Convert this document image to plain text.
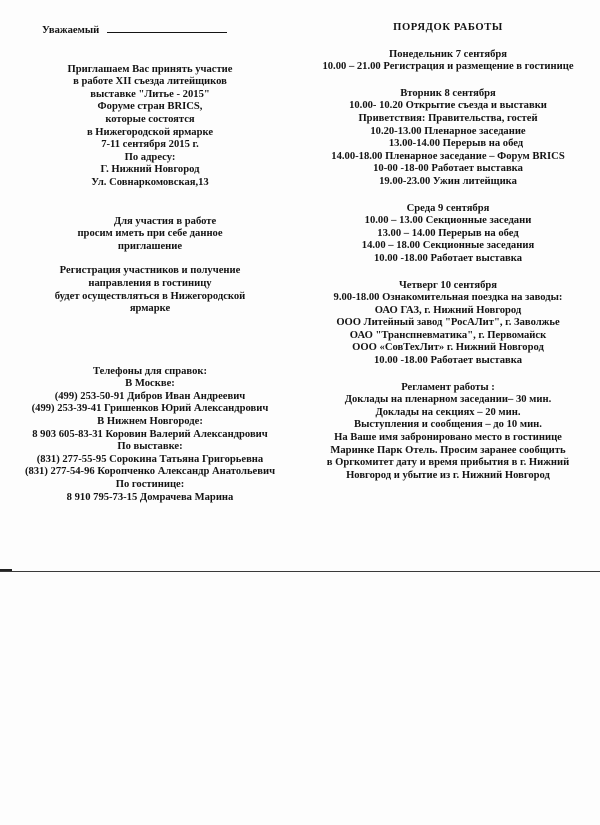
Уважаемый
Приглашаем Вас принять участие
в работе XII съезда литейщиков
выставке "Литье - 2015"
Форуме стран BRICS,
которые состоятся
в Нижегородской ярмарке
7-11 сентября 2015 г.
По адресу:
Г. Нижний Новгород
Ул. Совнаркомовская,13
Для участия в работе
просим иметь при себе данное
приглашение
Регистрация участников и получение
направления в гостиницу
будет осуществляться в Нижегородской
ярмарке
Телефоны для справок:
В Москве:
(499) 253-50-91 Дибров Иван Андреевич
(499) 253-39-41 Гришенков Юрий Александрович
В Нижнем Новгороде:
8 903 605-83-31 Коровин Валерий Александрович
По выставке:
(831) 277-55-95 Сорокина Татьяна Григорьевна
(831) 277-54-96 Коропченко Александр Анатольевич
По гостинице:
8 910 795-73-15 Домрачева Марина
ПОРЯДОК РАБОТЫ
Понедельник 7 сентября
10.00 – 21.00 Регистрация и размещение в гостинице
Вторник 8 сентября
10.00- 10.20 Открытие съезда и выставки
Приветствия: Правительства, гостей
10.20-13.00 Пленарное заседание
13.00-14.00 Перерыв на обед
14.00-18.00 Пленарное заседание – Форум BRICS
10-00 -18-00 Работает выставка
19.00-23.00 Ужин литейщика
Среда 9 сентября
10.00 – 13.00 Секционные заседани
13.00 – 14.00 Перерыв на обед
14.00 – 18.00 Секционные заседания
10.00 -18.00 Работает выставка
Четверг 10 сентября
9.00-18.00 Ознакомительная поездка на заводы:
ОАО ГАЗ, г. Нижний Новгород
ООО Литейный завод "РосАЛит", г. Заволжье
ОАО "Транспневматика", г. Первомайск
ООО «СовТехЛит» г. Нижний Новгород
10.00 -18.00 Работает выставка
Регламент работы :
Доклады на пленарном заседании– 30 мин.
Доклады на секциях – 20 мин.
Выступления и сообщения – до 10 мин.
На Ваше имя забронировано место в гостинице
Маринке Парк Отель. Просим заранее сообщить
в Оргкомитет дату и время прибытия в г. Нижний
Новгород и убытие из г. Нижний Новгород
